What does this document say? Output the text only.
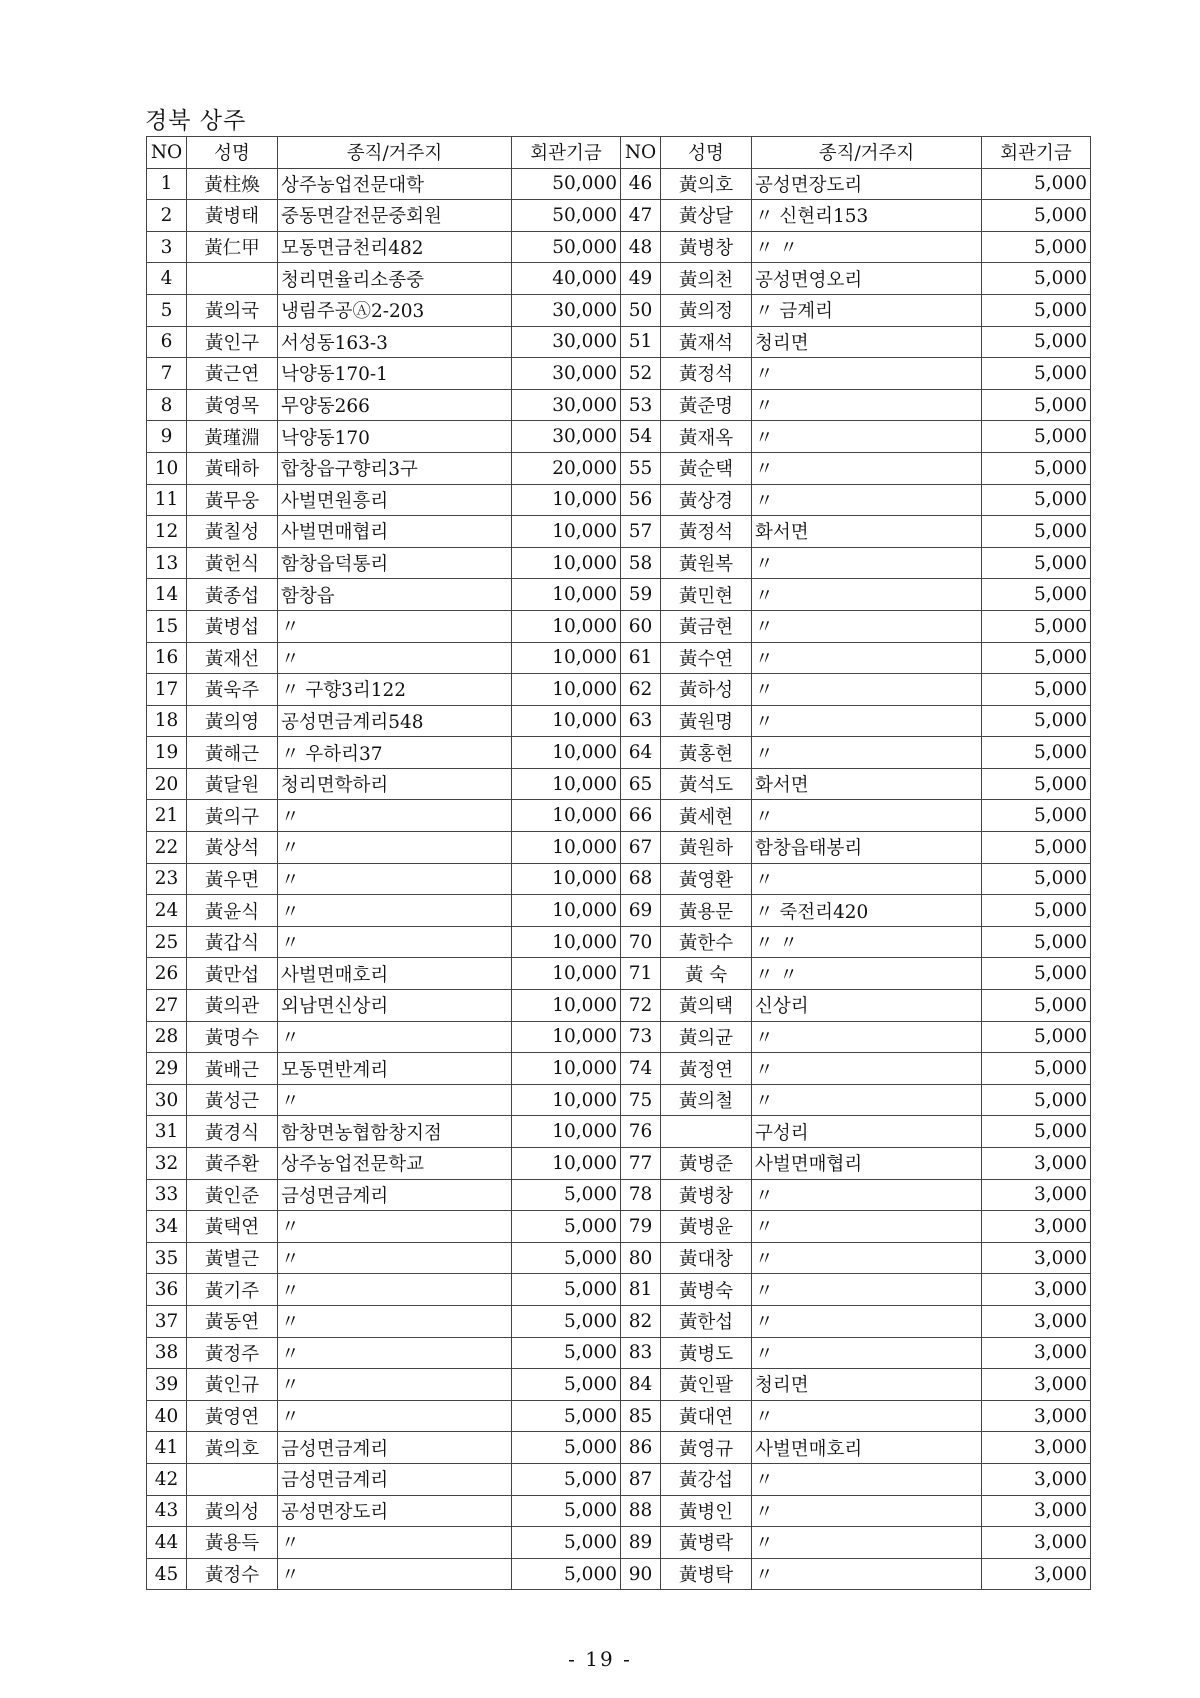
경북 상주
NO	성명	종직/거주지	회관기금	NO	성명	종직/거주지	회관기금
1	黃柱煥	상주농업전문대학	50,000	46	黃의호	공성면장도리	5,000
2	黃병태	중동면갈전문중회원	50,000	47	黃상달	〃 신현리153	5,000
3	黃仁甲	모동면금천리482	50,000	48	黃병창	〃 〃	5,000
4		청리면율리소종중	40,000	49	黃의천	공성면영오리	5,000
5	黃의국	냉림주공Ⓐ2-203	30,000	50	黃의정	〃 금계리	5,000
6	黃인구	서성동163-3	30,000	51	黃재석	청리면	5,000
7	黃근연	낙양동170-1	30,000	52	黃정석	〃	5,000
8	黃영목	무양동266	30,000	53	黃준명	〃	5,000
9	黃瑾淵	낙양동170	30,000	54	黃재옥	〃	5,000
10	黃태하	합창읍구향리3구	20,000	55	黃순택	〃	5,000
11	黃무웅	사벌면원흥리	10,000	56	黃상경	〃	5,000
12	黃칠성	사벌면매협리	10,000	57	黃정석	화서면	5,000
13	黃헌식	함창읍덕통리	10,000	58	黃원복	〃	5,000
14	黃종섭	함창읍	10,000	59	黃민현	〃	5,000
15	黃병섭	〃	10,000	60	黃금현	〃	5,000
16	黃재선	〃	10,000	61	黃수연	〃	5,000
17	黃욱주	〃 구향3리122	10,000	62	黃하성	〃	5,000
18	黃의영	공성면금계리548	10,000	63	黃원명	〃	5,000
19	黃해근	〃 우하리37	10,000	64	黃홍현	〃	5,000
20	黃달원	청리면학하리	10,000	65	黃석도	화서면	5,000
21	黃의구	〃	10,000	66	黃세현	〃	5,000
22	黃상석	〃	10,000	67	黃원하	함창읍태봉리	5,000
23	黃우면	〃	10,000	68	黃영환	〃	5,000
24	黃윤식	〃	10,000	69	黃용문	〃 죽전리420	5,000
25	黃갑식	〃	10,000	70	黃한수	〃 〃	5,000
26	黃만섭	사벌면매호리	10,000	71	黃 숙	〃 〃	5,000
27	黃의관	외남면신상리	10,000	72	黃의택	신상리	5,000
28	黃명수	〃	10,000	73	黃의균	〃	5,000
29	黃배근	모동면반계리	10,000	74	黃정연	〃	5,000
30	黃성근	〃	10,000	75	黃의철	〃	5,000
31	黃경식	함창면농협함창지점	10,000	76		구성리	5,000
32	黃주환	상주농업전문학교	10,000	77	黃병준	사벌면매협리	3,000
33	黃인준	금성면금계리	5,000	78	黃병창	〃	3,000
34	黃택연	〃	5,000	79	黃병윤	〃	3,000
35	黃별근	〃	5,000	80	黃대창	〃	3,000
36	黃기주	〃	5,000	81	黃병숙	〃	3,000
37	黃동연	〃	5,000	82	黃한섭	〃	3,000
38	黃정주	〃	5,000	83	黃병도	〃	3,000
39	黃인규	〃	5,000	84	黃인팔	청리면	3,000
40	黃영연	〃	5,000	85	黃대연	〃	3,000
41	黃의호	금성면금계리	5,000	86	黃영규	사벌면매호리	3,000
42		금성면금계리	5,000	87	黃강섭	〃	3,000
43	黃의성	공성면장도리	5,000	88	黃병인	〃	3,000
44	黃용득	〃	5,000	89	黃병락	〃	3,000
45	黃정수	〃	5,000	90	黃병탁	〃	3,000
- 19 -
